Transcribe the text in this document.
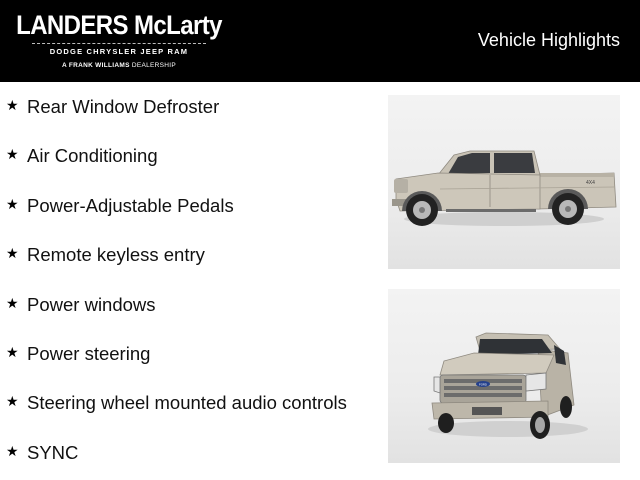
LANDERS McLarty
DODGE CHRYSLER JEEP RAM
A FRANK WILLIAMS DEALERSHIP
Vehicle Highlights
★ Rear Window Defroster
★ Air Conditioning
★ Power-Adjustable Pedals
★ Remote keyless entry
★ Power windows
★ Power steering
★ Steering wheel mounted audio controls
★ SYNC
4X4
FORD
